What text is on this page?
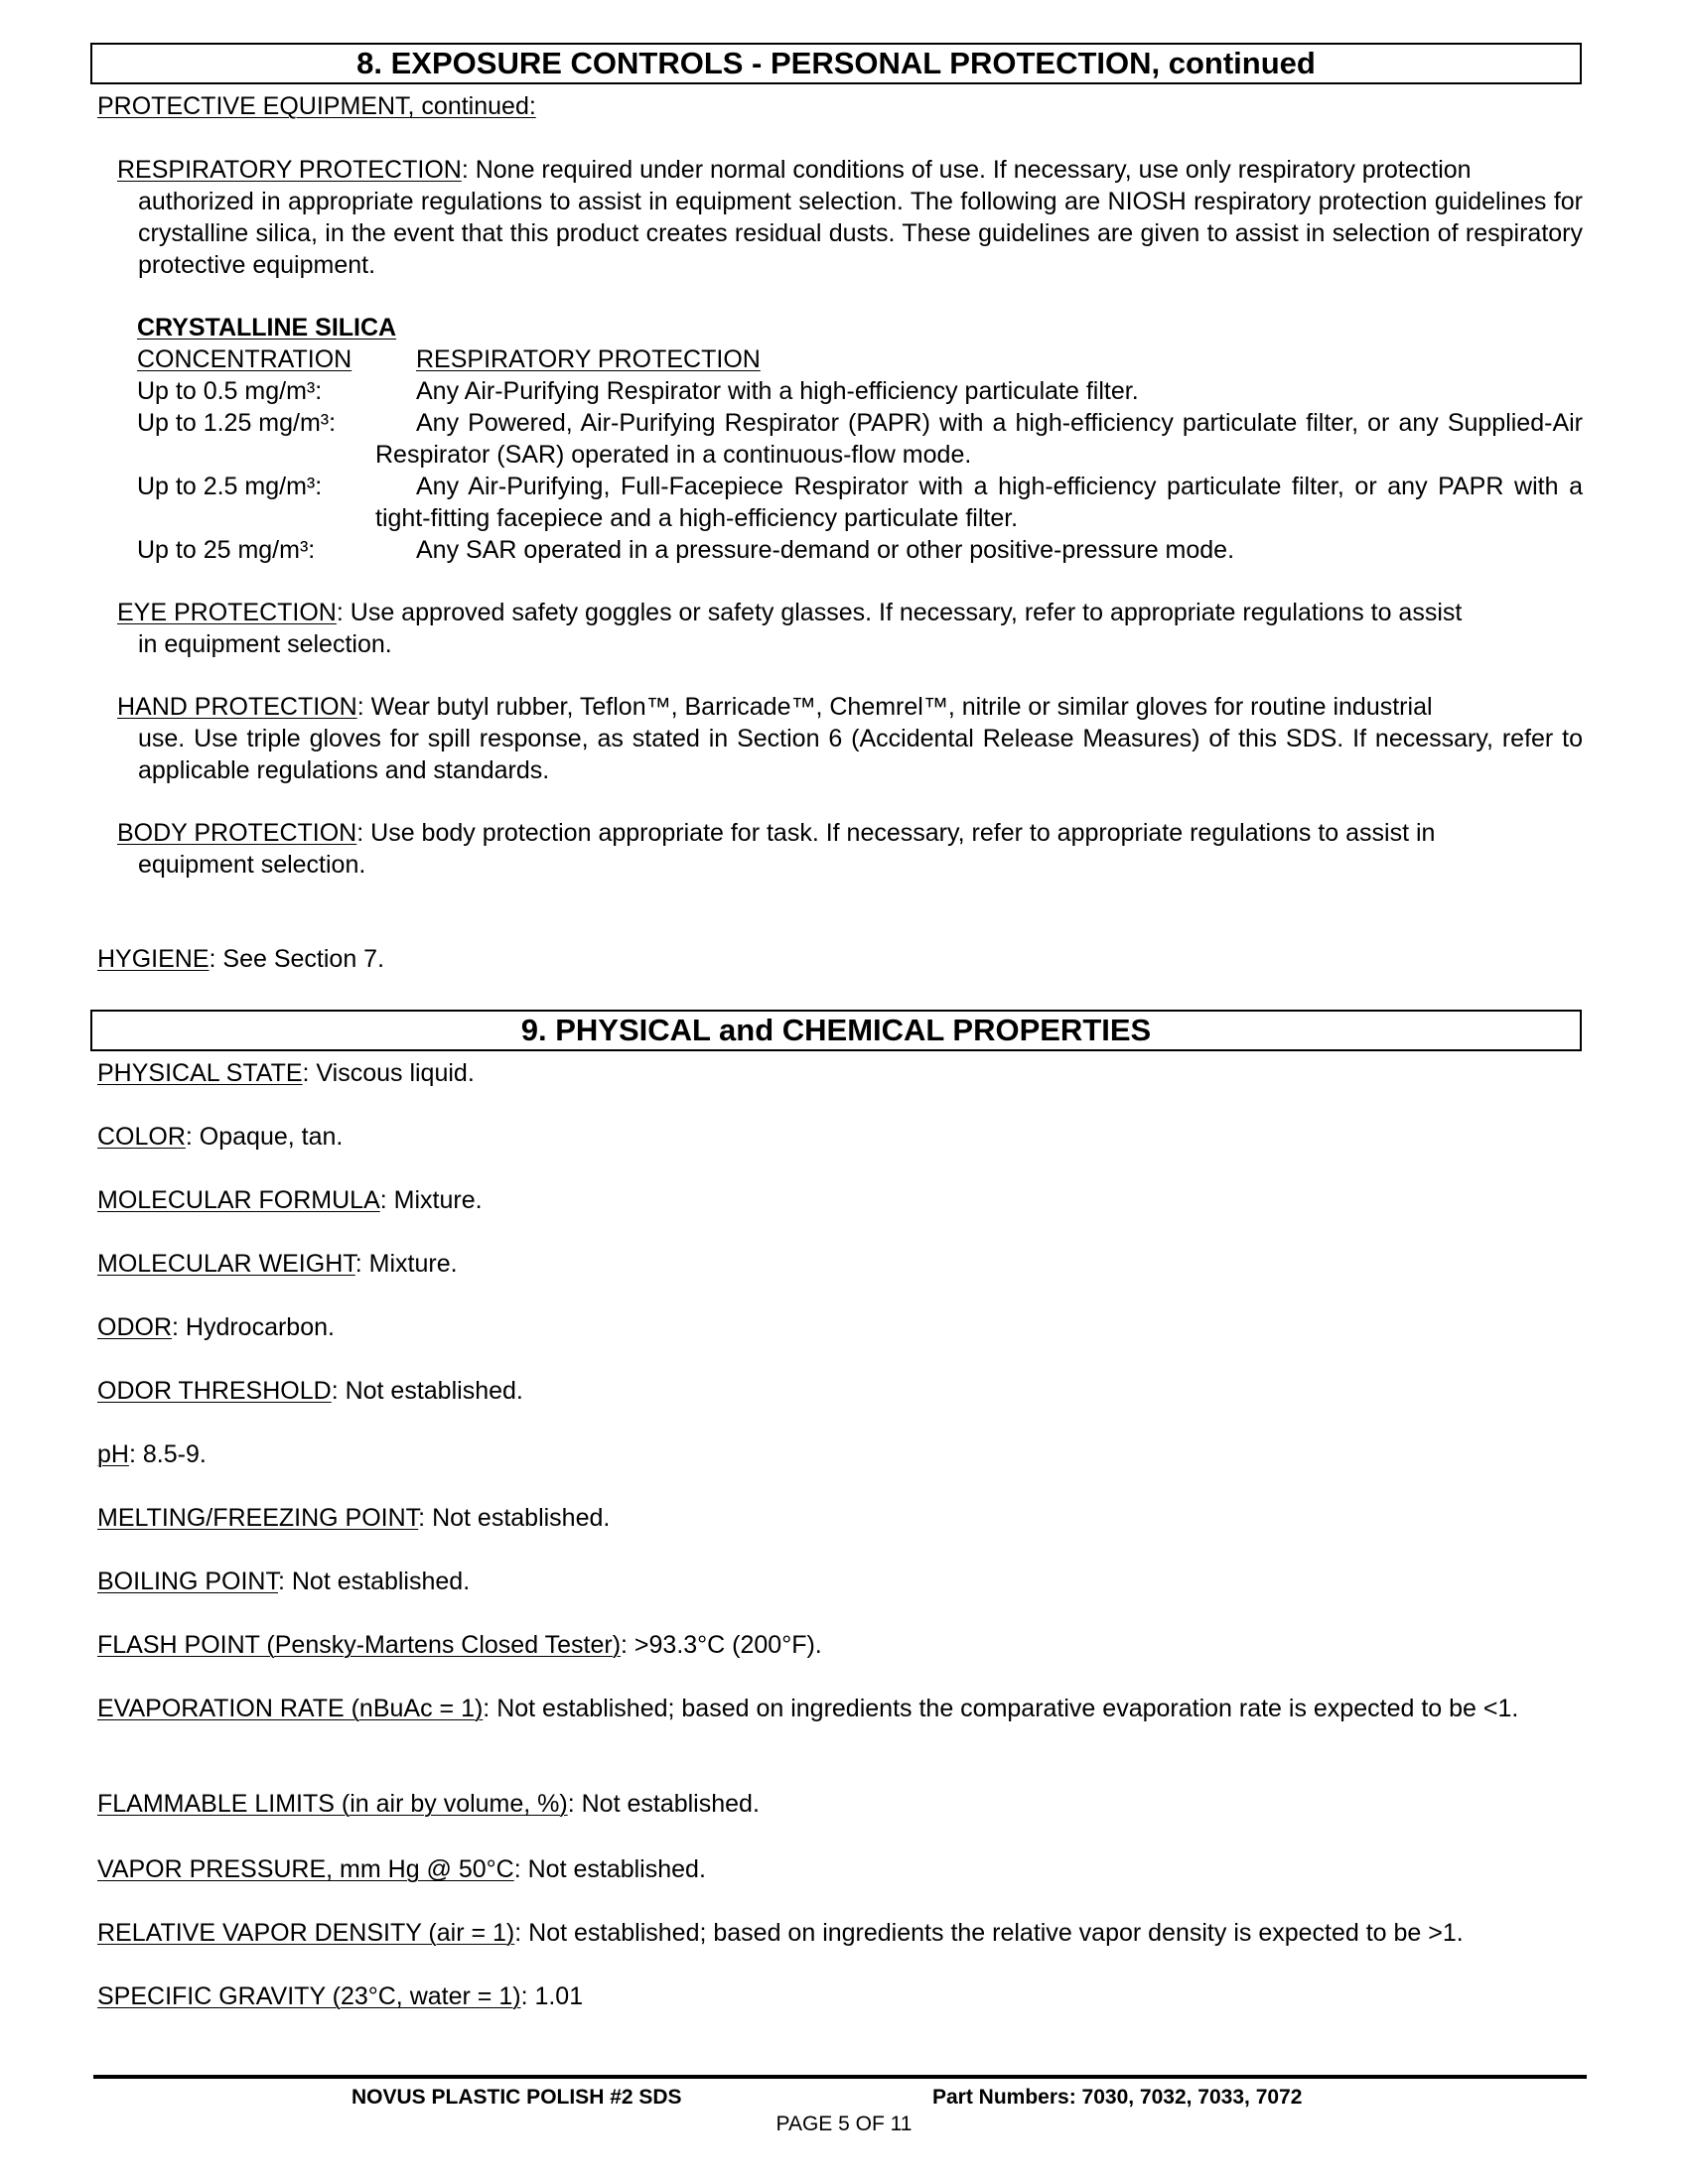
8. EXPOSURE CONTROLS - PERSONAL PROTECTION, continued
PROTECTIVE EQUIPMENT, continued:
RESPIRATORY PROTECTION: None required under normal conditions of use. If necessary, use only respiratory protection
authorized in appropriate regulations to assist in equipment selection. The following are NIOSH respiratory protection guidelines for crystalline silica, in the event that this product creates residual dusts. These guidelines are given to assist in selection of respiratory protective equipment.
CRYSTALLINE SILICA
CONCENTRATION	RESPIRATORY PROTECTION
Up to 0.5 mg/m³:	Any Air-Purifying Respirator with a high-efficiency particulate filter.
Up to 1.25 mg/m³:	Any Powered, Air-Purifying Respirator (PAPR) with a high-efficiency particulate filter, or any Supplied-Air Respirator (SAR) operated in a continuous-flow mode.
Up to 2.5 mg/m³:	Any Air-Purifying, Full-Facepiece Respirator with a high-efficiency particulate filter, or any PAPR with a tight-fitting facepiece and a high-efficiency particulate filter.
Up to 25 mg/m³:	Any SAR operated in a pressure-demand or other positive-pressure mode.
EYE PROTECTION: Use approved safety goggles or safety glasses. If necessary, refer to appropriate regulations to assist
in equipment selection.
HAND PROTECTION: Wear butyl rubber, Teflon™, Barricade™, Chemrel™, nitrile or similar gloves for routine industrial
use. Use triple gloves for spill response, as stated in Section 6 (Accidental Release Measures) of this SDS. If necessary, refer to applicable regulations and standards.
BODY PROTECTION: Use body protection appropriate for task. If necessary, refer to appropriate regulations to assist in
equipment selection.
HYGIENE: See Section 7.
9. PHYSICAL and CHEMICAL PROPERTIES
PHYSICAL STATE: Viscous liquid.
COLOR: Opaque, tan.
MOLECULAR FORMULA: Mixture.
MOLECULAR WEIGHT: Mixture.
ODOR: Hydrocarbon.
ODOR THRESHOLD: Not established.
pH: 8.5-9.
MELTING/FREEZING POINT: Not established.
BOILING POINT: Not established.
FLASH POINT (Pensky-Martens Closed Tester): >93.3°C (200°F).
EVAPORATION RATE (nBuAc = 1): Not established; based on ingredients the comparative evaporation rate is expected to be <1.
FLAMMABLE LIMITS (in air by volume, %): Not established.
VAPOR PRESSURE, mm Hg @ 50°C: Not established.
RELATIVE VAPOR DENSITY (air = 1): Not established; based on ingredients the relative vapor density is expected to be >1.
SPECIFIC GRAVITY (23°C, water = 1): 1.01
NOVUS PLASTIC POLISH #2 SDS	Part Numbers: 7030, 7032, 7033, 7072
PAGE 5 OF 11
